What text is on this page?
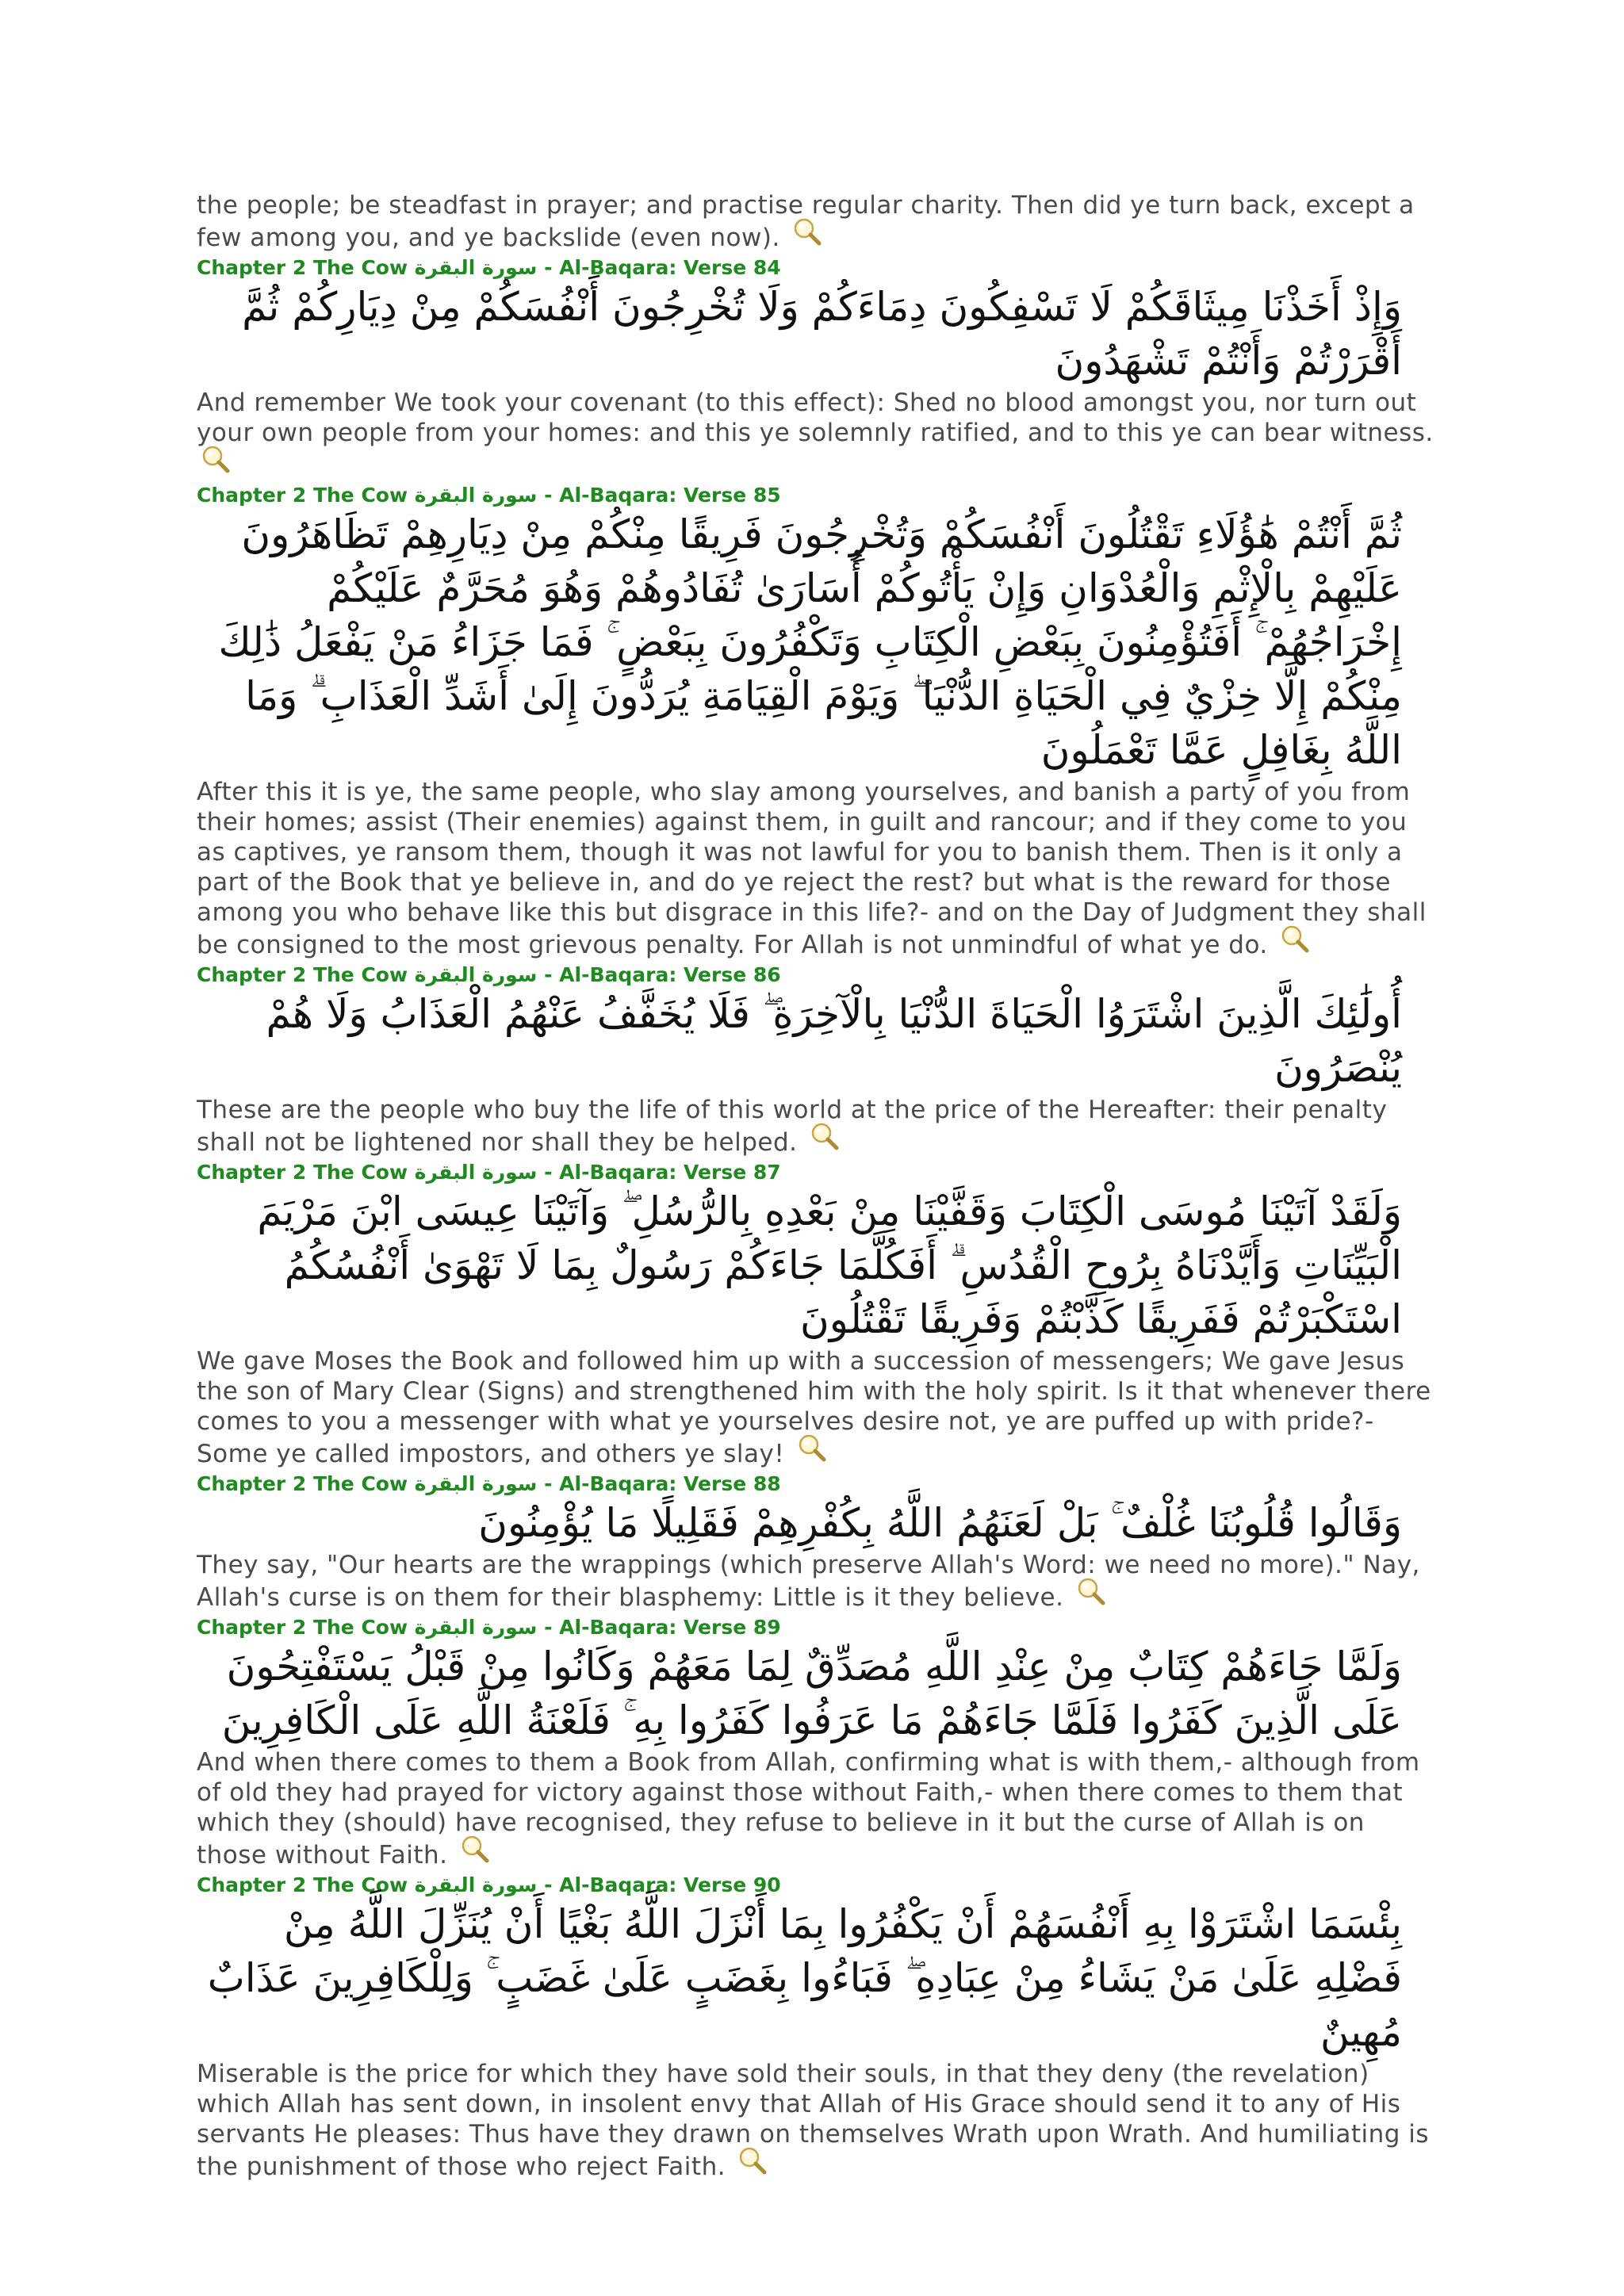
the people; be steadfast in prayer; and practise regular charity. Then did ye turn back, except a few among you, and ye backslide (even now).

Chapter 2 The Cow سورة البقرة - Al-Baqara: Verse 84

وَإِذْ أَخَذْنَا مِيثَاقَكُمْ لَا تَسْفِكُونَ دِمَاءَكُمْ وَلَا تُخْرِجُونَ أَنْفُسَكُمْ مِنْ دِيَارِكُمْ ثُمَّ أَقْرَرْتُمْ وَأَنْتُمْ تَشْهَدُونَ

And remember We took your covenant (to this effect): Shed no blood amongst you, nor turn out your own people from your homes: and this ye solemnly ratified, and to this ye can bear witness.

Chapter 2 The Cow سورة البقرة - Al-Baqara: Verse 85

ثُمَّ أَنْتُمْ هَٰؤُلَاءِ تَقْتُلُونَ أَنْفُسَكُمْ وَتُخْرِجُونَ فَرِيقًا مِنْكُمْ مِنْ دِيَارِهِمْ تَظَاهَرُونَ عَلَيْهِمْ بِالْإِثْمِ وَالْعُدْوَانِ وَإِنْ يَأْتُوكُمْ أُسَارَىٰ تُفَادُوهُمْ وَهُوَ مُحَرَّمٌ عَلَيْكُمْ إِخْرَاجُهُمْ ۚ أَفَتُؤْمِنُونَ بِبَعْضِ الْكِتَابِ وَتَكْفُرُونَ بِبَعْضٍ ۚ فَمَا جَزَاءُ مَنْ يَفْعَلُ ذَٰلِكَ مِنْكُمْ إِلَّا خِزْيٌ فِي الْحَيَاةِ الدُّنْيَا ۖ وَيَوْمَ الْقِيَامَةِ يُرَدُّونَ إِلَىٰ أَشَدِّ الْعَذَابِ ۗ وَمَا اللَّهُ بِغَافِلٍ عَمَّا تَعْمَلُونَ

After this it is ye, the same people, who slay among yourselves, and banish a party of you from their homes; assist (Their enemies) against them, in guilt and rancour; and if they come to you as captives, ye ransom them, though it was not lawful for you to banish them. Then is it only a part of the Book that ye believe in, and do ye reject the rest? but what is the reward for those among you who behave like this but disgrace in this life?- and on the Day of Judgment they shall be consigned to the most grievous penalty. For Allah is not unmindful of what ye do.

Chapter 2 The Cow سورة البقرة - Al-Baqara: Verse 86

أُولَٰئِكَ الَّذِينَ اشْتَرَوُا الْحَيَاةَ الدُّنْيَا بِالْآخِرَةِ ۖ فَلَا يُخَفَّفُ عَنْهُمُ الْعَذَابُ وَلَا هُمْ يُنْصَرُونَ

These are the people who buy the life of this world at the price of the Hereafter: their penalty shall not be lightened nor shall they be helped.

Chapter 2 The Cow سورة البقرة - Al-Baqara: Verse 87

وَلَقَدْ آتَيْنَا مُوسَى الْكِتَابَ وَقَفَّيْنَا مِنْ بَعْدِهِ بِالرُّسُلِ ۖ وَآتَيْنَا عِيسَى ابْنَ مَرْيَمَ الْبَيِّنَاتِ وَأَيَّدْنَاهُ بِرُوحِ الْقُدُسِ ۗ أَفَكُلَّمَا جَاءَكُمْ رَسُولٌ بِمَا لَا تَهْوَىٰ أَنْفُسُكُمُ اسْتَكْبَرْتُمْ فَفَرِيقًا كَذَّبْتُمْ وَفَرِيقًا تَقْتُلُونَ

We gave Moses the Book and followed him up with a succession of messengers; We gave Jesus the son of Mary Clear (Signs) and strengthened him with the holy spirit. Is it that whenever there comes to you a messenger with what ye yourselves desire not, ye are puffed up with pride?- Some ye called impostors, and others ye slay!

Chapter 2 The Cow سورة البقرة - Al-Baqara: Verse 88

وَقَالُوا قُلُوبُنَا غُلْفٌ ۚ بَلْ لَعَنَهُمُ اللَّهُ بِكُفْرِهِمْ فَقَلِيلًا مَا يُؤْمِنُونَ

They say, "Our hearts are the wrappings (which preserve Allah's Word: we need no more)." Nay, Allah's curse is on them for their blasphemy: Little is it they believe.

Chapter 2 The Cow سورة البقرة - Al-Baqara: Verse 89

وَلَمَّا جَاءَهُمْ كِتَابٌ مِنْ عِنْدِ اللَّهِ مُصَدِّقٌ لِمَا مَعَهُمْ وَكَانُوا مِنْ قَبْلُ يَسْتَفْتِحُونَ عَلَى الَّذِينَ كَفَرُوا فَلَمَّا جَاءَهُمْ مَا عَرَفُوا كَفَرُوا بِهِ ۚ فَلَعْنَةُ اللَّهِ عَلَى الْكَافِرِينَ

And when there comes to them a Book from Allah, confirming what is with them,- although from of old they had prayed for victory against those without Faith,- when there comes to them that which they (should) have recognised, they refuse to believe in it but the curse of Allah is on those without Faith.

Chapter 2 The Cow سورة البقرة - Al-Baqara: Verse 90

بِئْسَمَا اشْتَرَوْا بِهِ أَنْفُسَهُمْ أَنْ يَكْفُرُوا بِمَا أَنْزَلَ اللَّهُ بَغْيًا أَنْ يُنَزِّلَ اللَّهُ مِنْ فَضْلِهِ عَلَىٰ مَنْ يَشَاءُ مِنْ عِبَادِهِ ۖ فَبَاءُوا بِغَضَبٍ عَلَىٰ غَضَبٍ ۚ وَلِلْكَافِرِينَ عَذَابٌ مُهِينٌ

Miserable is the price for which they have sold their souls, in that they deny (the revelation) which Allah has sent down, in insolent envy that Allah of His Grace should send it to any of His servants He pleases: Thus have they drawn on themselves Wrath upon Wrath. And humiliating is the punishment of those who reject Faith.
